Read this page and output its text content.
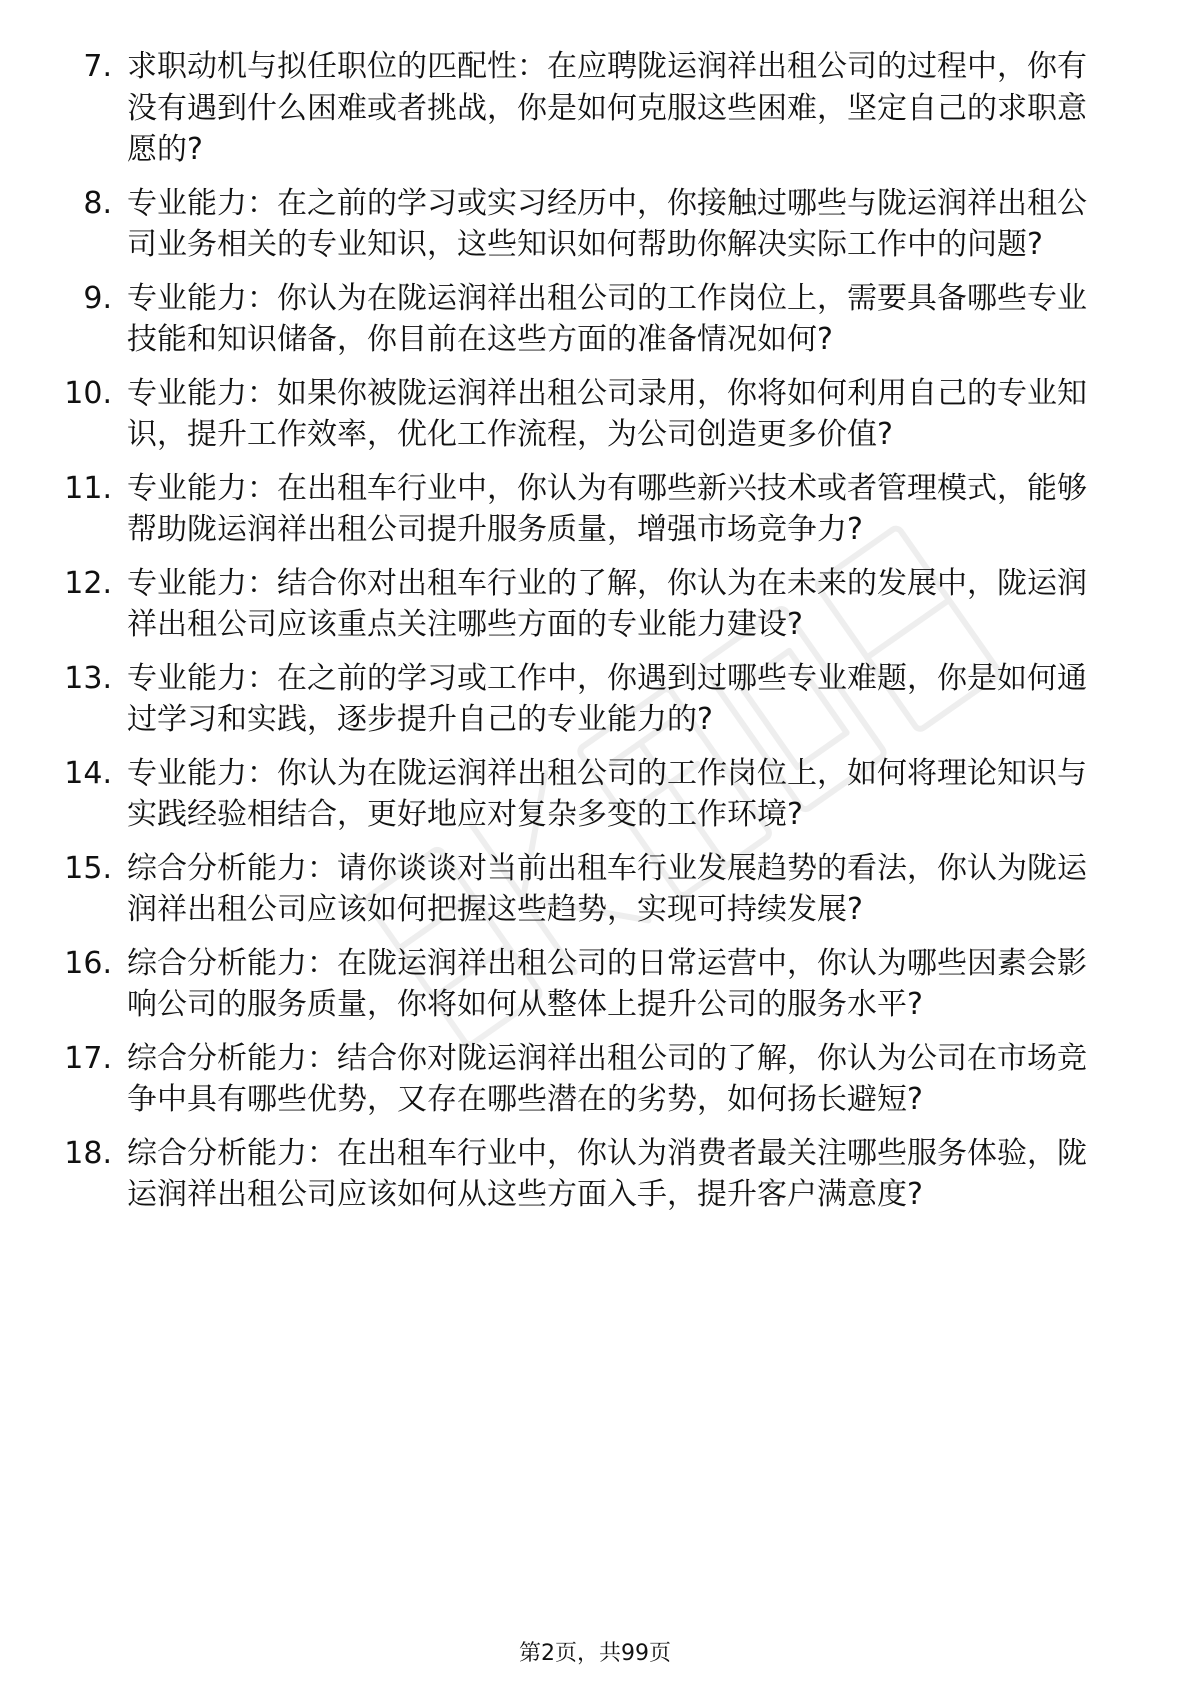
7. 求职动机与拟任职位的匹配性：在应聘陇运润祥出租公司的过程中，你有没有遇到什么困难或者挑战，你是如何克服这些困难，坚定自己的求职意愿的?
8. 专业能力：在之前的学习或实习经历中，你接触过哪些与陇运润祥出租公司业务相关的专业知识，这些知识如何帮助你解决实际工作中的问题?
9. 专业能力：你认为在陇运润祥出租公司的工作岗位上，需要具备哪些专业技能和知识储备，你目前在这些方面的准备情况如何?
10. 专业能力：如果你被陇运润祥出租公司录用，你将如何利用自己的专业知识，提升工作效率，优化工作流程，为公司创造更多价值?
11. 专业能力：在出租车行业中，你认为有哪些新兴技术或者管理模式，能够帮助陇运润祥出租公司提升服务质量，增强市场竞争力?
12. 专业能力：结合你对出租车行业的了解，你认为在未来的发展中，陇运润祥出租公司应该重点关注哪些方面的专业能力建设?
13. 专业能力：在之前的学习或工作中，你遇到过哪些专业难题，你是如何通过学习和实践，逐步提升自己的专业能力的?
14. 专业能力：你认为在陇运润祥出租公司的工作岗位上，如何将理论知识与实践经验相结合，更好地应对复杂多变的工作环境?
15. 综合分析能力：请你谈谈对当前出租车行业发展趋势的看法，你认为陇运润祥出租公司应该如何把握这些趋势，实现可持续发展?
16. 综合分析能力：在陇运润祥出租公司的日常运营中，你认为哪些因素会影响公司的服务质量，你将如何从整体上提升公司的服务水平?
17. 综合分析能力：结合你对陇运润祥出租公司的了解，你认为公司在市场竞争中具有哪些优势，又存在哪些潜在的劣势，如何扬长避短?
18. 综合分析能力：在出租车行业中，你认为消费者最关注哪些服务体验，陇运润祥出租公司应该如何从这些方面入手，提升客户满意度?
第2页，共99页
